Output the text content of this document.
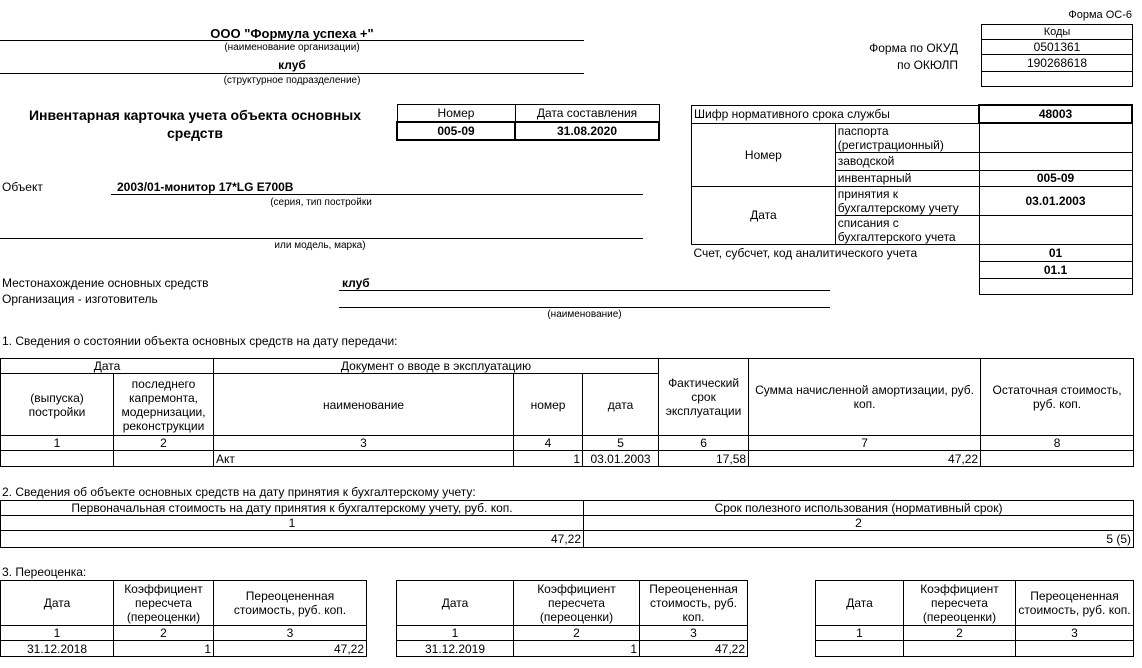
Форма ОС-6
ООО "Формула успеха +"
(наименование организации)
клуб
(структурное подразделение)
Коды
0501361
190268618

Форма по ОКУД
по ОКЮЛП
Инвентарная карточка учета объекта основных средств
Номер	Дата составления
005-09	31.08.2020
Шифр нормативного срока службы		48003
Номер	паспорта (регистрационный)	
	заводской	
	инвентарный	005-09
Дата	принятия к бухгалтерскому учету	03.01.2003
	списания с бухгалтерского учета	
Счет, субсчет, код аналитического учета		01
		01.1

Объект	2003/01-монитор 17*LG E700B
(серия, тип постройки
или модель, марка)
Местонахождение основных средств	клуб
Организация - изготовитель
(наименование)
1. Сведения о состоянии объекта основных средств на дату передачи:
Дата		Документ о вводе в эксплуатацию			Фактический срок эксплуатации	Сумма начисленной амортизации, руб. коп.	Остаточная стоимость, руб. коп.
(выпуска) постройки	последнего капремонта, модернизации, реконструкции	наименование	номер	дата			
1	2	3	4	5	6	7	8
		Акт	1	03.01.2003	17,58	47,22	
2. Сведения об объекте основных средств на дату принятия к бухгалтерскому учету:
Первоначальная стоимость на дату принятия к бухгалтерскому учету, руб. коп.	Срок полезного использования (нормативный срок)
1	2
47,22	5 (5)
3. Переоценка:
Дата	Коэффициент пересчета (переоценки)	Переоцененная стоимость, руб. коп.
1	2	3
31.12.2018	1	47,22
Дата	Коэффициент пересчета (переоценки)	Переоцененная стоимость, руб. коп.
1	2	3
31.12.2019	1	47,22
Дата	Коэффициент пересчета (переоценки)	Переоцененная стоимость, руб. коп.
1	2	3
